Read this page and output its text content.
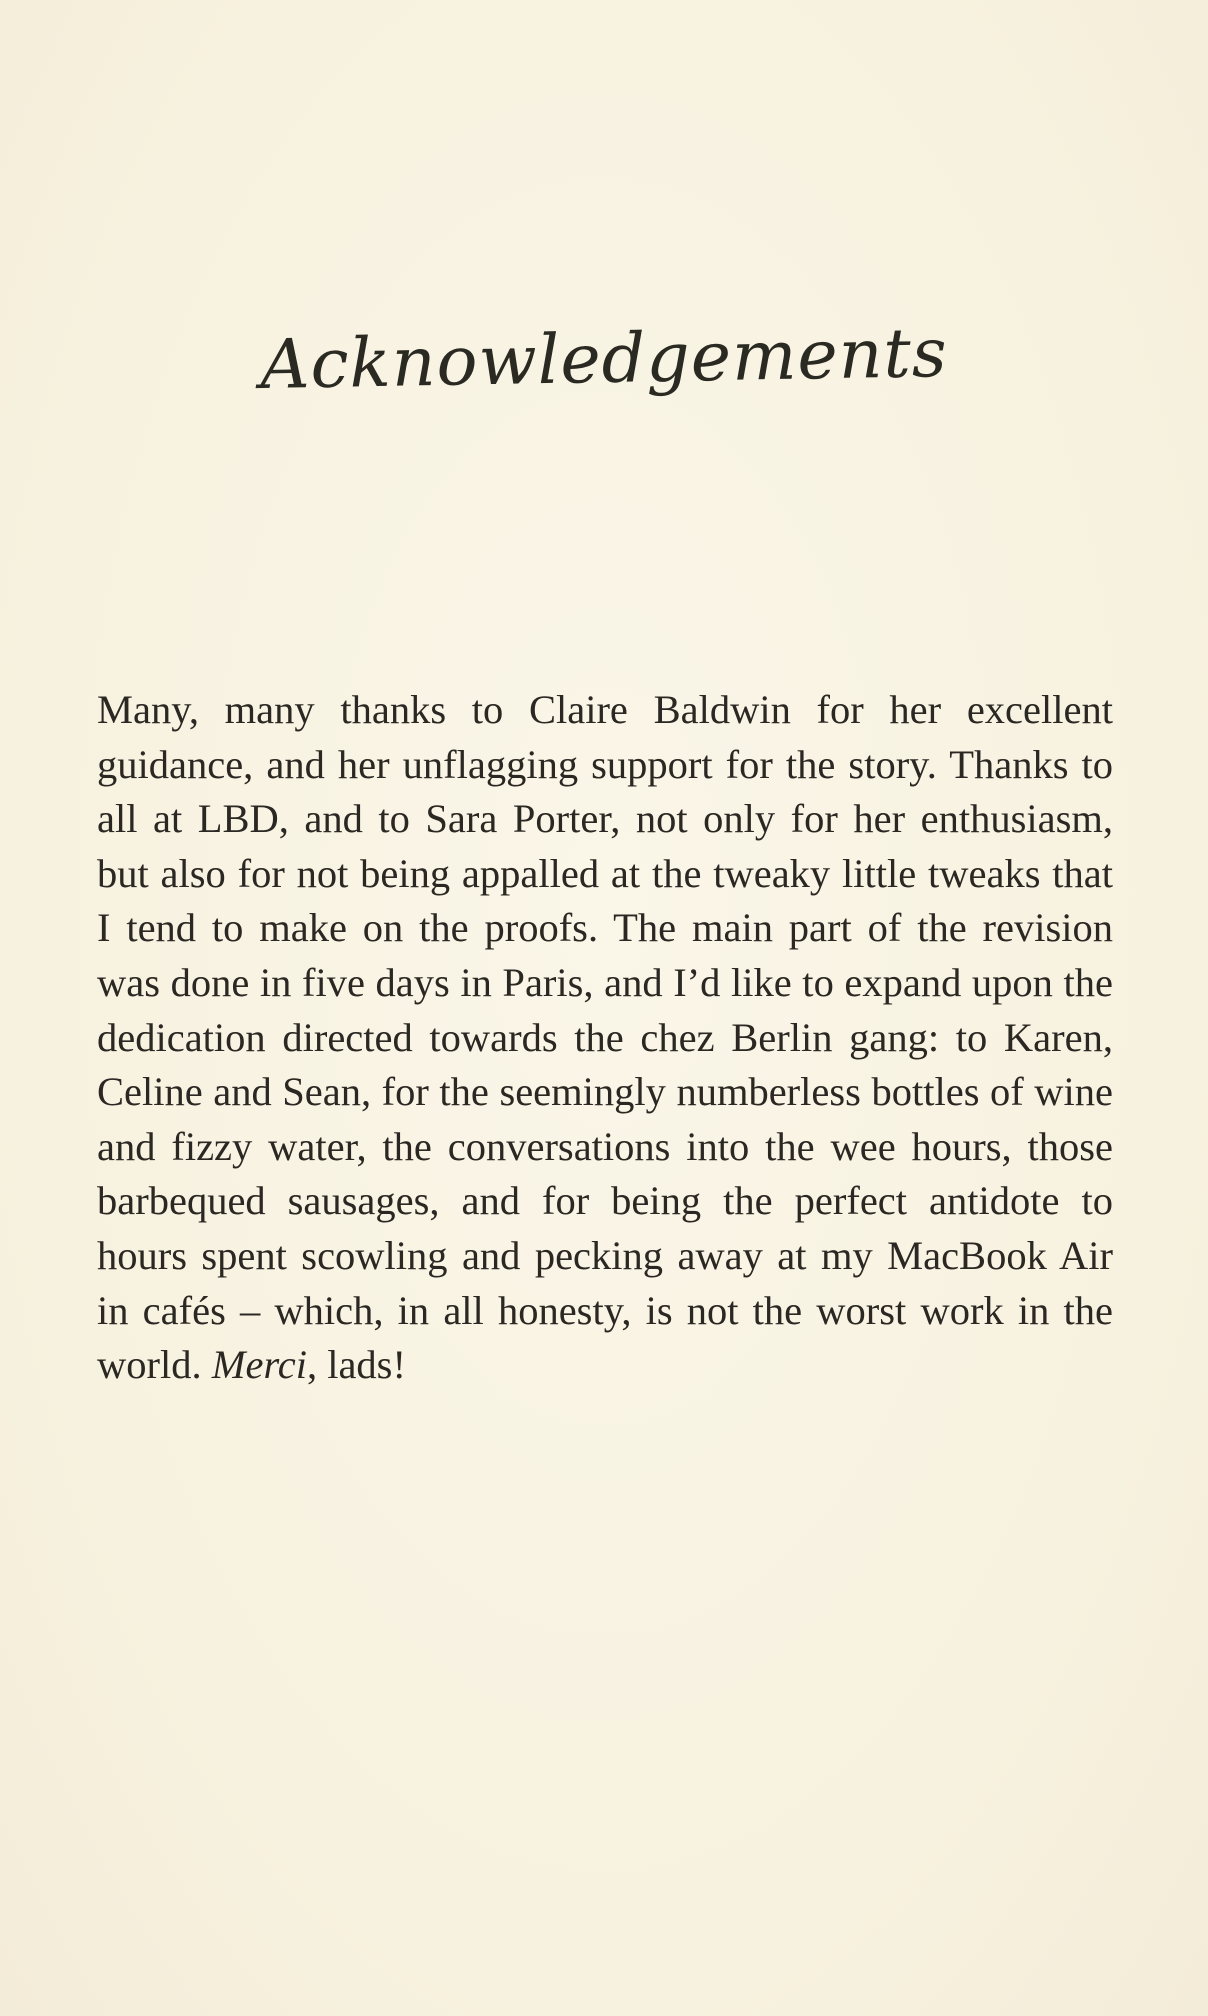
Acknowledgements

Many, many thanks to Claire Baldwin for her excellent guidance, and her unflagging support for the story. Thanks to all at LBD, and to Sara Porter, not only for her enthusiasm, but also for not being appalled at the tweaky little tweaks that I tend to make on the proofs. The main part of the revision was done in five days in Paris, and I’d like to expand upon the dedication directed towards the chez Berlin gang: to Karen, Celine and Sean, for the seemingly numberless bottles of wine and fizzy water, the conversations into the wee hours, those barbequed sausages, and for being the perfect antidote to hours spent scowling and pecking away at my MacBook Air in cafés – which, in all honesty, is not the worst work in the world. Merci, lads!
